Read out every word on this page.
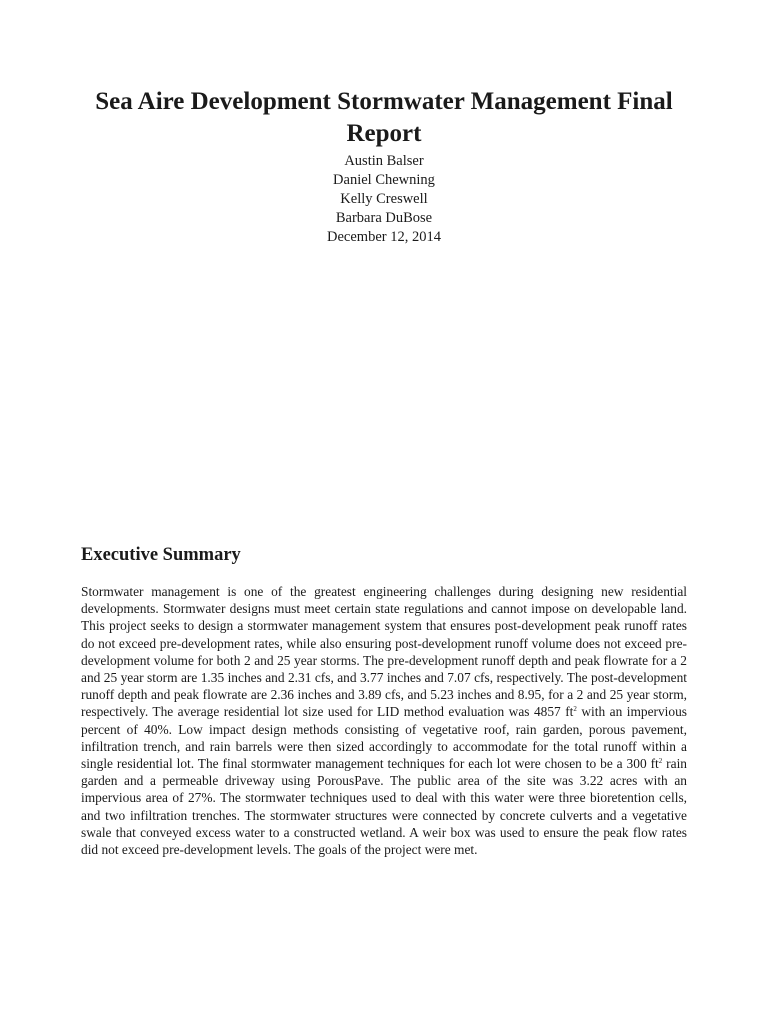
Sea Aire Development Stormwater Management Final Report
Austin Balser
Daniel Chewning
Kelly Creswell
Barbara DuBose
December 12, 2014
Executive Summary

Stormwater management is one of the greatest engineering challenges during designing new residential developments. Stormwater designs must meet certain state regulations and cannot impose on developable land. This project seeks to design a stormwater management system that ensures post-development peak runoff rates do not exceed pre-development rates, while also ensuring post-development runoff volume does not exceed pre-development volume for both 2 and 25 year storms. The pre-development runoff depth and peak flowrate for a 2 and 25 year storm are 1.35 inches and 2.31 cfs, and 3.77 inches and 7.07 cfs, respectively. The post-development runoff depth and peak flowrate are 2.36 inches and 3.89 cfs, and 5.23 inches and 8.95, for a 2 and 25 year storm, respectively. The average residential lot size used for LID method evaluation was 4857 $ft^2$ with an impervious percent of 40%. Low impact design methods consisting of vegetative roof, rain garden, porous pavement, infiltration trench, and rain barrels were then sized accordingly to accommodate for the total runoff within a single residential lot. The final stormwater management techniques for each lot were chosen to be a 300 $ft^2$ rain garden and a permeable driveway using PorousPave. The public area of the site was 3.22 acres with an impervious area of 27%. The stormwater techniques used to deal with this water were three bioretention cells, and two infiltration trenches. The stormwater structures were connected by concrete culverts and a vegetative swale that conveyed excess water to a constructed wetland. A weir box was used to ensure the peak flow rates did not exceed pre-development levels. The goals of the project were met.
